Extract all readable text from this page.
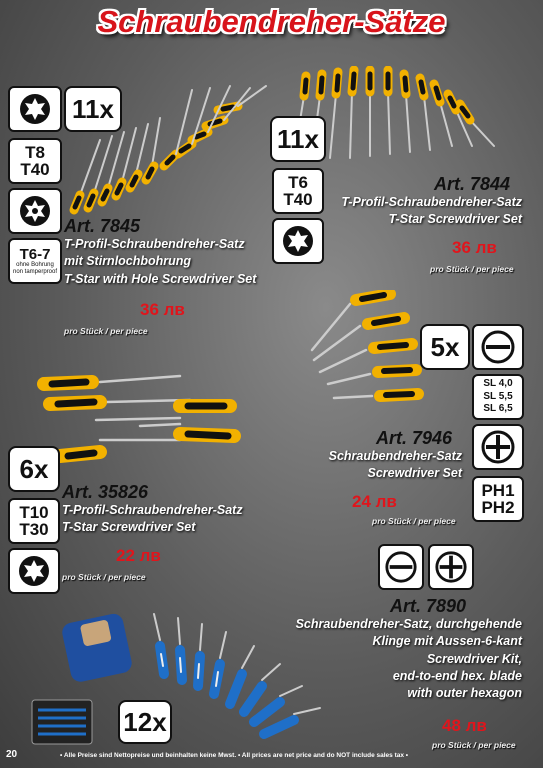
Schraubendreher-Sätze
11x
T8
T40
T6-7
ohne Bohrung
non tamperproof
Art. 7845
T-Profil-Schraubendreher-Satz
mit Stirnlochbohrung
T-Star with Hole Screwdriver Set
36 лв
pro Stück / per piece
11x
T6
T40
Art. 7844
T-Profil-Schraubendreher-Satz
T-Star Screwdriver Set
36 лв
pro Stück / per piece
5x
SL 4,0
SL 5,5
SL 6,5
PH1
PH2
Art. 7946
Schraubendreher-Satz
Screwdriver Set
24 лв
pro Stück / per piece
6x
T10
T30
Art. 35826
T-Profil-Schraubendreher-Satz
T-Star Screwdriver Set
22 лв
pro Stück / per piece
Art. 7890
Schraubendreher-Satz, durchgehende
Klinge mit Aussen-6-kant
Screwdriver Kit,
end-to-end hex. blade
with outer hexagon
48 лв
pro Stück / per piece
12x
20	• Alle Preise sind Nettopreise und beinhalten keine Mwst. • All prices are net price and do NOT include sales tax •
